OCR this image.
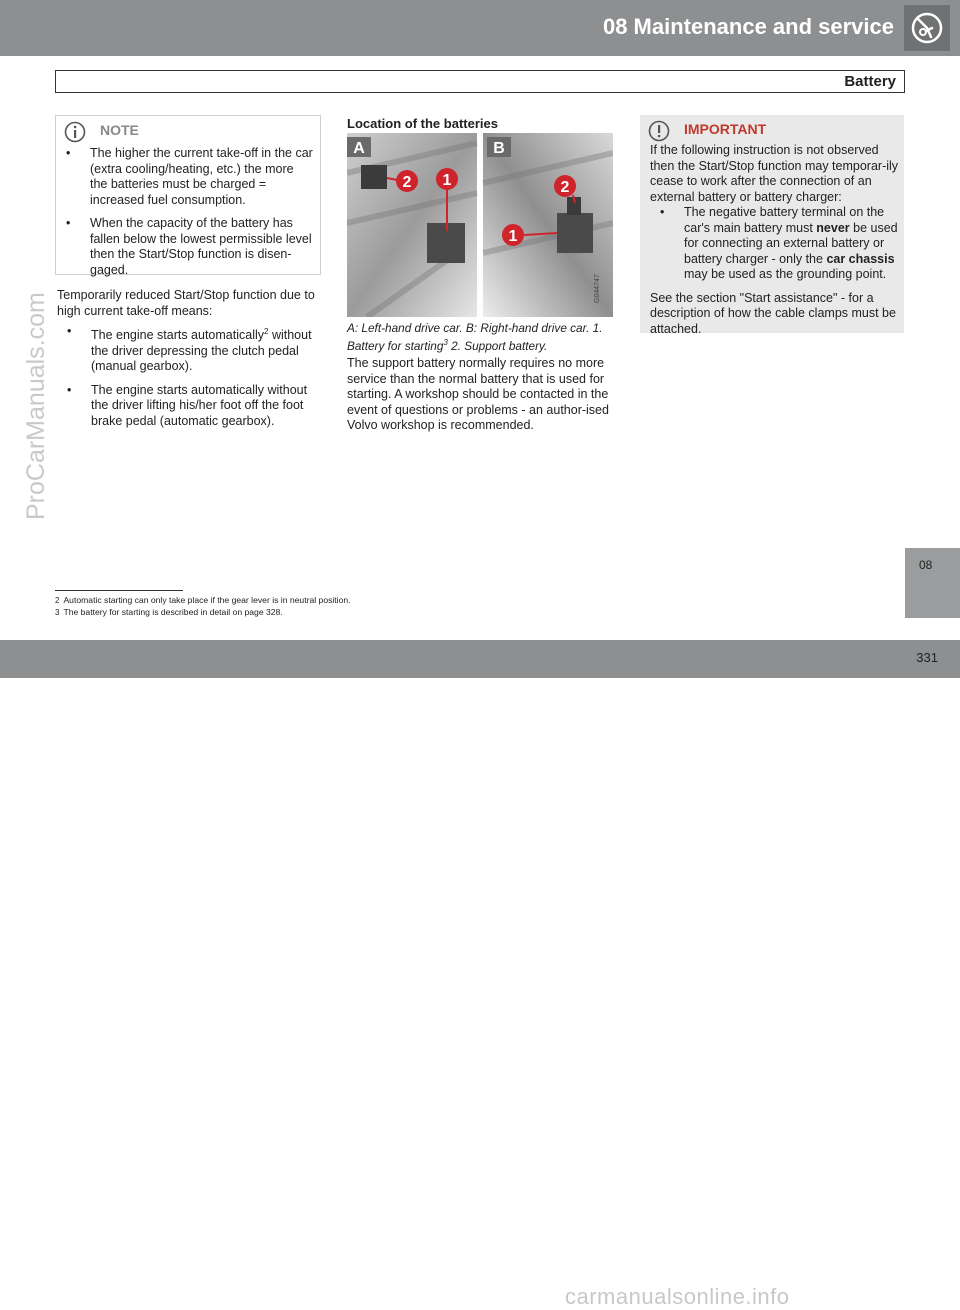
08 Maintenance and service
Battery
ProCarManuals.com
NOTE
• The higher the current take-off in the car (extra cooling/heating, etc.) the more the batteries must be charged = increased fuel consumption.
• When the capacity of the battery has fallen below the lowest permissible level then the Start/Stop function is disen-gaged.
Temporarily reduced Start/Stop function due to high current take-off means:
• The engine starts automatically$^2$ without the driver depressing the clutch pedal (manual gearbox).
• The engine starts automatically without the driver lifting his/her foot off the foot brake pedal (automatic gearbox).
Location of the batteries
A	B
2 1	2
1
G044747
A: Left-hand drive car. B: Right-hand drive car. 1. Battery for starting$^3$ 2. Support battery.
The support battery normally requires no more service than the normal battery that is used for starting. A workshop should be contacted in the event of questions or problems - an author-ised Volvo workshop is recommended.
IMPORTANT

If the following instruction is not observed then the Start/Stop function may temporar-ily cease to work after the connection of an external battery or battery charger:

• The negative battery terminal on the car's main battery must never be used for connecting an external battery or battery charger - only the car chassis may be used as the grounding point.

See the section "Start assistance" - for a description of how the cable clamps must be attached.

2 Automatic starting can only take place if the gear lever is in neutral position.
3 The battery for starting is described in detail on page 328.
08
carmanualsonline.info
331
